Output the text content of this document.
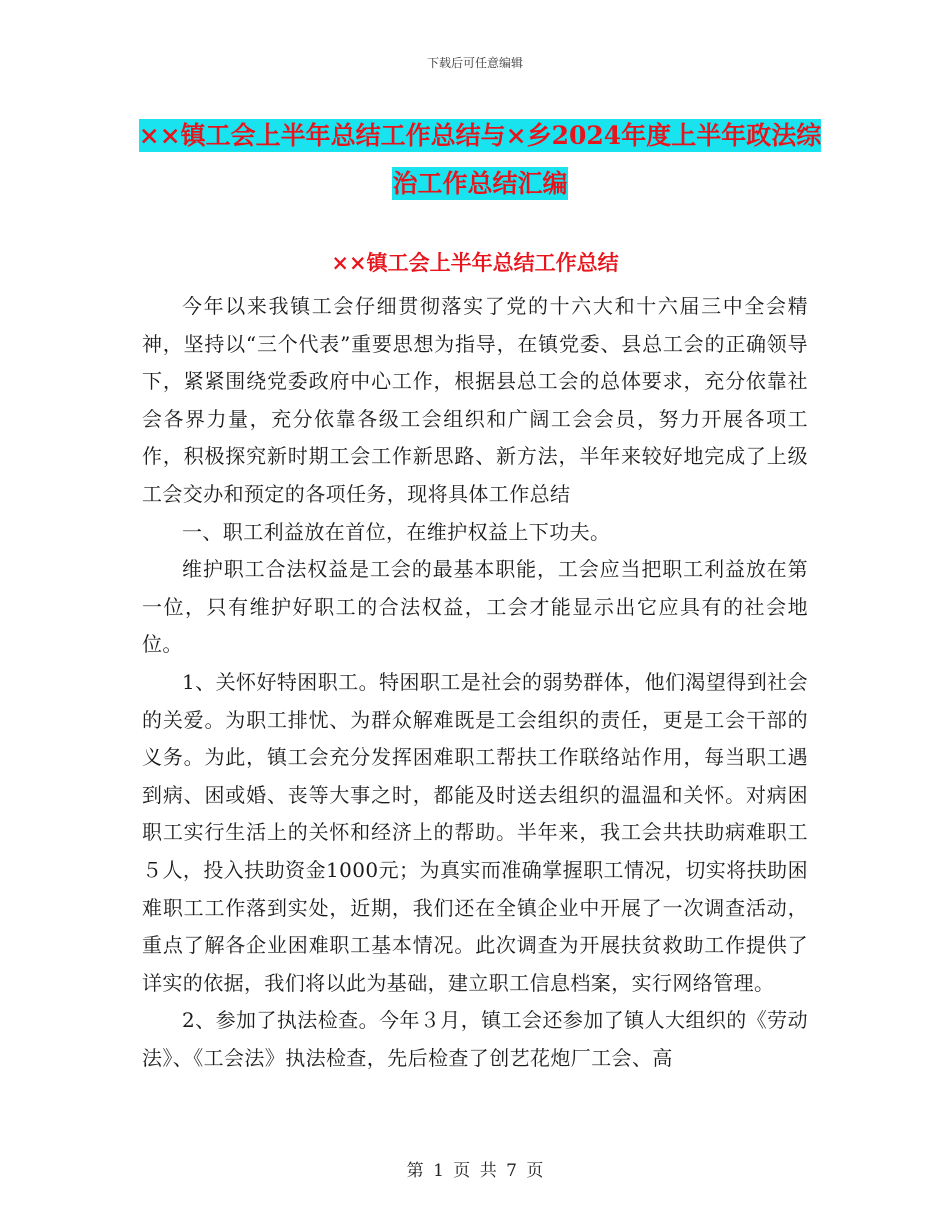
下载后可任意编辑
××镇工会上半年总结工作总结与×乡2024年度上半年政法综治工作总结汇编
××镇工会上半年总结工作总结

今年以来我镇工会仔细贯彻落实了党的十六大和十六届三中全会精神，坚持以“三个代表”重要思想为指导，在镇党委、县总工会的正确领导下，紧紧围绕党委政府中心工作，根据县总工会的总体要求，充分依靠社会各界力量，充分依靠各级工会组织和广阔工会会员，努力开展各项工作，积极探究新时期工会工作新思路、新方法，半年来较好地完成了上级工会交办和预定的各项任务，现将具体工作总结

一、职工利益放在首位，在维护权益上下功夫。

维护职工合法权益是工会的最基本职能，工会应当把职工利益放在第一位，只有维护好职工的合法权益，工会才能显示出它应具有的社会地位。

1、关怀好特困职工。特困职工是社会的弱势群体，他们渴望得到社会的关爱。为职工排忧、为群众解难既是工会组织的责任，更是工会干部的义务。为此，镇工会充分发挥困难职工帮扶工作联络站作用，每当职工遇到病、困或婚、丧等大事之时，都能及时送去组织的温温和关怀。对病困职工实行生活上的关怀和经济上的帮助。半年来，我工会共扶助病难职工５人，投入扶助资金1000元；为真实而准确掌握职工情况，切实将扶助困难职工工作落到实处，近期，我们还在全镇企业中开展了一次调查活动，重点了解各企业困难职工基本情况。此次调查为开展扶贫救助工作提供了详实的依据，我们将以此为基础，建立职工信息档案，实行网络管理。

2、参加了执法检查。今年３月，镇工会还参加了镇人大组织的《劳动法》、《工会法》执法检查，先后检查了创艺花炮厂工会、高

第 1 页 共 7 页
